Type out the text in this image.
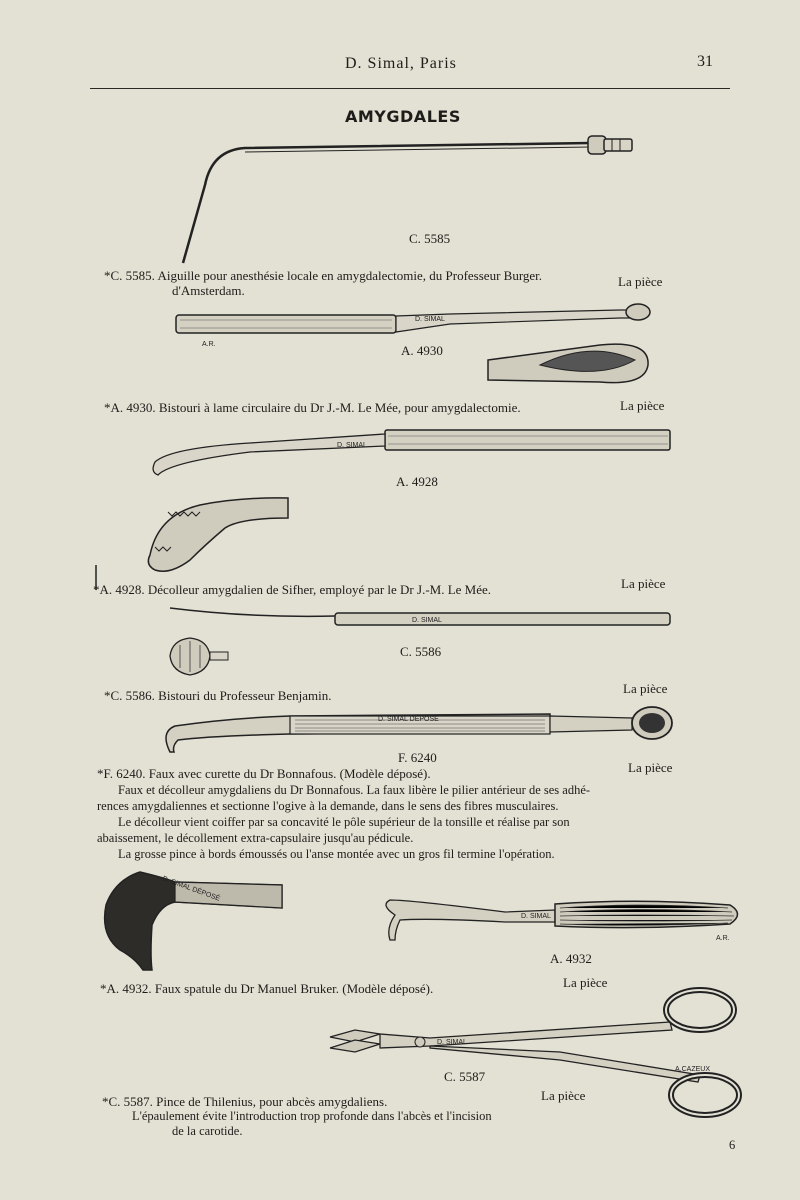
D. Simal, Paris	31
AMYGDALES
C. 5585
*C. 5585. Aiguille pour anesthésie locale en amygdalectomie, du Professeur Burger.
d'Amsterdam.
La pièce
D. SIMAL
A.R.	A. 4930
*A. 4930. Bistouri à lame circulaire du Dr J.-M. Le Mée, pour amygdalectomie.	La pièce
D. SIMAL
A. 4928
*A. 4928. Décolleur amygdalien de Sifher, employé par le Dr J.-M. Le Mée.	La pièce
D. SIMAL
C. 5586
*C. 5586. Bistouri du Professeur Benjamin.	La pièce
D. SIMAL DÉPOSÉ
F. 6240
*F. 6240. Faux avec curette du Dr Bonnafous. (Modèle déposé).	La pièce
Faux et décolleur amygdaliens du Dr Bonnafous. La faux libère le pilier antérieur de ses adhé-
rences amygdaliennes et sectionne l'ogive à la demande, dans le sens des fibres musculaires.
Le décolleur vient coiffer par sa concavité le pôle supérieur de la tonsille et réalise par son
abaissement, le décollement extra-capsulaire jusqu'au pédicule.
La grosse pince à bords émoussés ou l'anse montée avec un gros fil termine l'opération.
D. SIMAL DÉPOSÉ
D. SIMAL
A.R.
A. 4932
*A. 4932. Faux spatule du Dr Manuel Bruker. (Modèle déposé).	La pièce
D. SIMAL
A.CAZEUX
C. 5587
*C. 5587. Pince de Thilenius, pour abcès amygdaliens.	La pièce
L'épaulement évite l'introduction trop profonde dans l'abcès et l'incision
de la carotide.
6
